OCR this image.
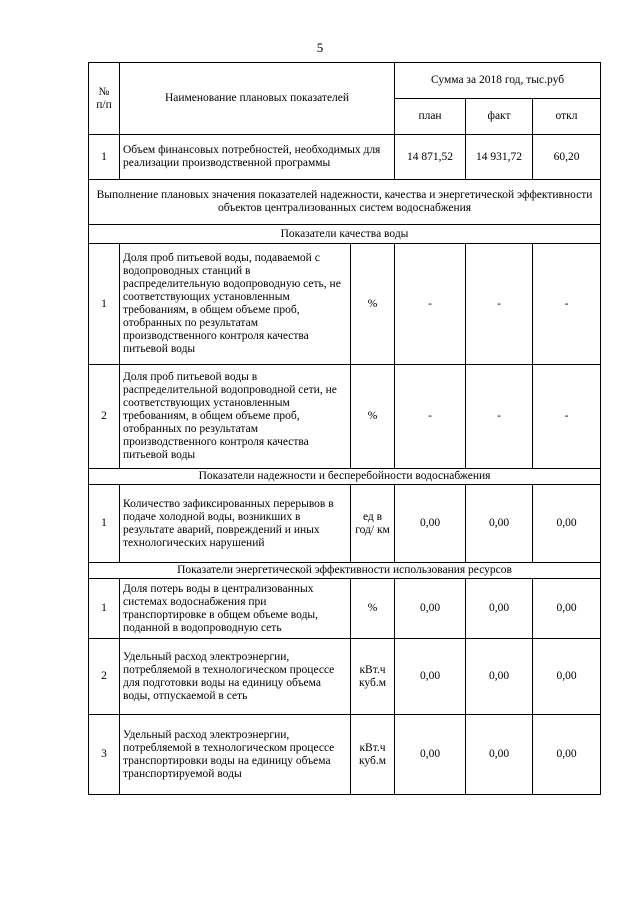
5
№
п/п	Наименование плановых показателей		Сумма за 2018 год, тыс.руб		
			план	факт	откл
1	Объем финансовых потребностей, необходимых для реализации производственной программы		14 871,52	14 931,72	60,20
Выполнение плановых значения показателей надежности, качества и энергетической эффективности объектов централизованных систем водоснабжения					
Показатели качества воды					
1	Доля проб питьевой воды, подаваемой с водопроводных станций в распределительную водопроводную сеть, не соответствующих установленным требованиям, в общем объеме проб, отобранных по результатам производственного контроля качества питьевой воды	%	-	-	-
2	Доля проб питьевой воды в распределительной водопроводной сети, не соответствующих установленным требованиям, в общем объеме проб, отобранных по результатам производственного контроля качества питьевой воды	%	-	-	-
Показатели надежности и бесперебойности водоснабжения					
1	Количество зафиксированных перерывов в подаче холодной воды, возникших в результате аварий, повреждений и иных технологических нарушений	ед в год/ км	0,00	0,00	0,00
Показатели энергетической эффективности использования ресурсов					
1	Доля потерь воды в централизованных системах водоснабжения при транспортировке в общем объеме воды, поданной в водопроводную сеть	%	0,00	0,00	0,00
2	Удельный расход электроэнергии, потребляемой в технологическом процессе для подготовки воды на единицу объема воды, отпускаемой в сеть	кВт.ч куб.м	0,00	0,00	0,00
3	Удельный расход электроэнергии, потребляемой в технологическом процессе транспортировки воды на единицу объема транспортируемой воды	кВт.ч куб.м	0,00	0,00	0,00
